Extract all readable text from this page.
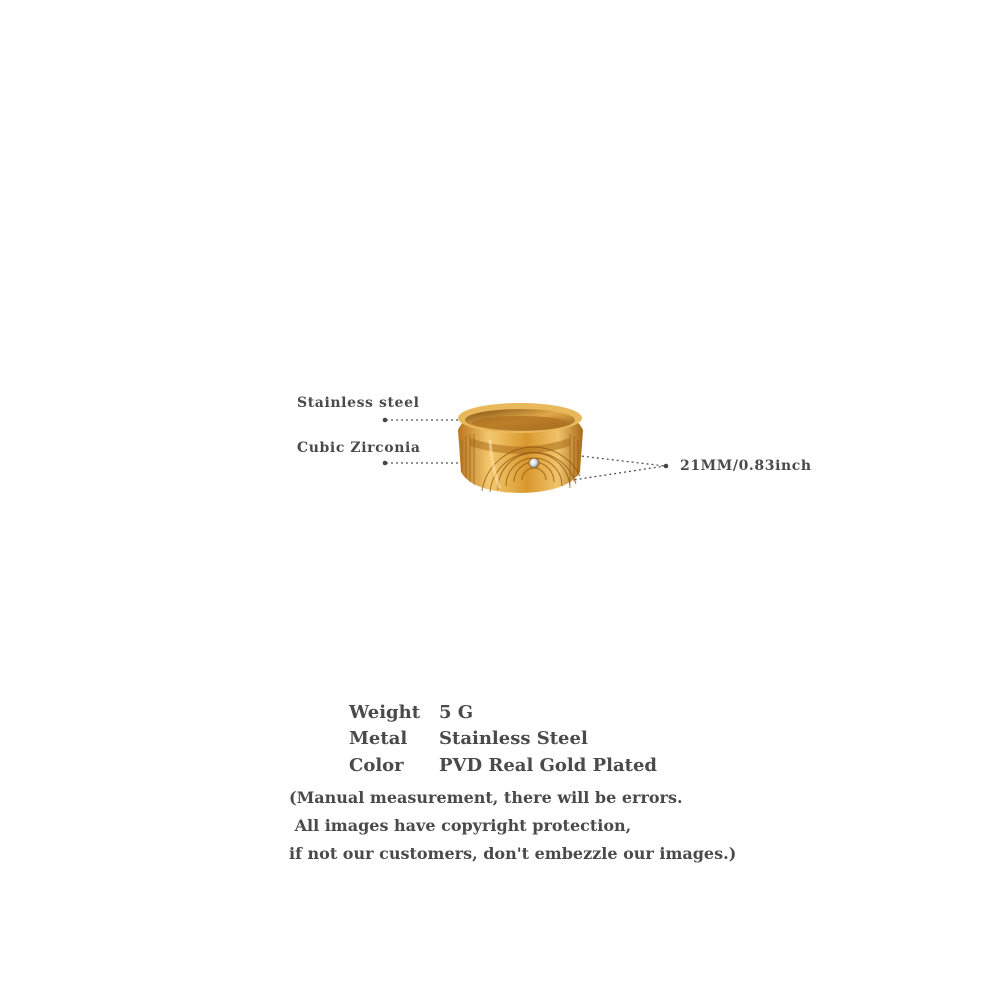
Stainless steel
Cubic Zirconia
21MM/0.83inch
Weight 5 G
Metal Stainless Steel
Color PVD Real Gold Plated
(Manual measurement, there will be errors.
All images have copyright protection,
if not our customers, don't embezzle our images.)
